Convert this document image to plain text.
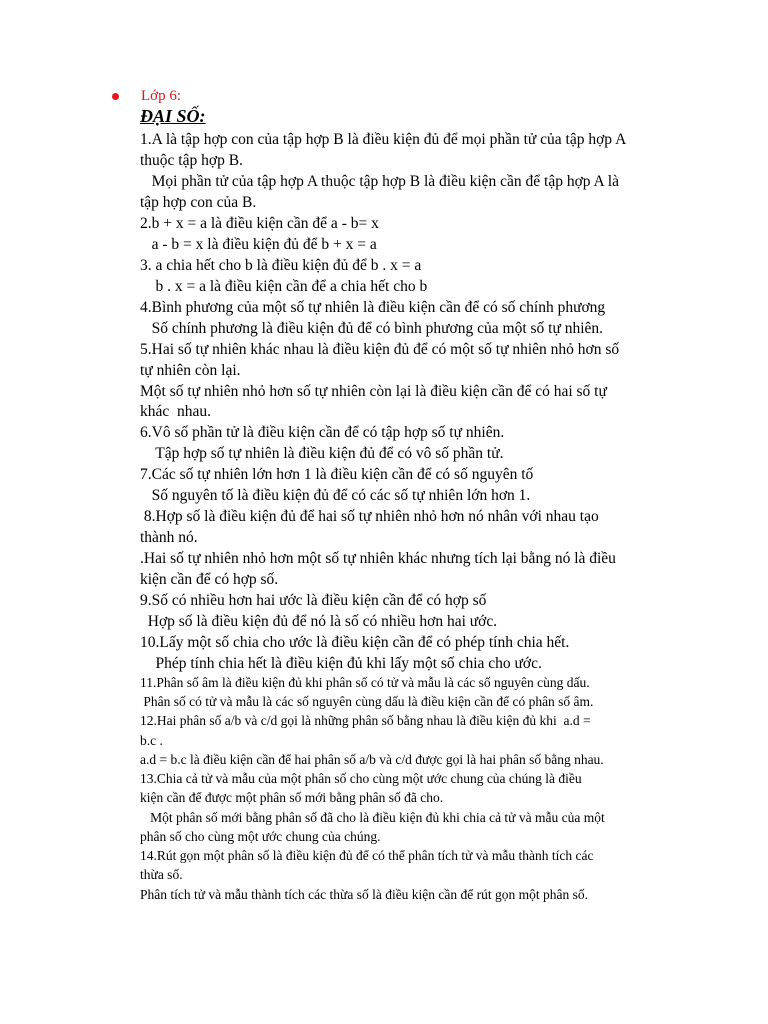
Lớp 6:
ĐẠI SỐ:
1.A là tập hợp con của tập hợp B là điều kiện đủ để mọi phần tử của tập hợp A
thuộc tập hợp B.
Mọi phần tử của tập hợp A thuộc tập hợp B là điều kiện cần để tập hợp A là
tập hợp con của B.
2.b + x = a là điều kiện cần để a - b= x
a - b = x là điều kiện đủ để b + x = a
3. a chia hết cho b là điều kiện đủ để b . x = a
b . x = a là điều kiện cần để a chia hết cho b
4.Bình phương của một số tự nhiên là điều kiện cần để có số chính phương
Số chính phương là điều kiện đủ để có bình phương của một số tự nhiên.
5.Hai số tự nhiên khác nhau là điều kiện đủ để có một số tự nhiên nhỏ hơn số
tự nhiên còn lại.
Một số tự nhiên nhỏ hơn số tự nhiên còn lại là điều kiện cần để có hai số tự
khác  nhau.
6.Vô số phần tử là điều kiện cần để có tập hợp số tự nhiên.
Tập hợp số tự nhiên là điều kiện đủ để có vô số phần tử.
7.Các số tự nhiên lớn hơn 1 là điều kiện cần để có số nguyên tố
Số nguyên tố là điều kiện đủ để có các số tự nhiên lớn hơn 1.
8.Hợp số là điều kiện đủ để hai số tự nhiên nhỏ hơn nó nhân với nhau tạo
thành nó.
.Hai số tự nhiên nhỏ hơn một số tự nhiên khác nhưng tích lại bằng nó là điều
kiện cần để có hợp số.
9.Số có nhiều hơn hai ước là điều kiện cần để có hợp số
Hợp số là điều kiện đủ để nó là số có nhiều hơn hai ước.
10.Lấy một số chia cho ước là điều kiện cần để có phép tính chia hết.
Phép tính chia hết là điều kiện đủ khi lấy một số chia cho ước.
11.Phân số âm là điều kiện đủ khi phân số có tử và mẫu là các số nguyên cùng dấu.
Phân số có tử và mẫu là các số nguyên cùng dấu là điều kiện cần để có phân số âm.
12.Hai phân số a/b và c/d gọi là những phân số bằng nhau là điều kiện đủ khi  a.d =
b.c .
a.d = b.c là điều kiện cần để hai phân số a/b và c/d được gọi là hai phân số bằng nhau.
13.Chia cả tử và mẫu của một phân số cho cùng một ước chung của chúng là điều
kiện cần để được một phân số mới bằng phân số đã cho.
Một phân số mới bằng phân số đã cho là điều kiện đủ khi chia cả tử và mẫu của một
phân số cho cùng một ước chung của chúng.
14.Rút gọn một phân số là điều kiện đủ để có thể phân tích tử và mẫu thành tích các
thừa số.
Phân tích tử và mẫu thành tích các thừa số là điều kiện cần để rút gọn một phân số.
